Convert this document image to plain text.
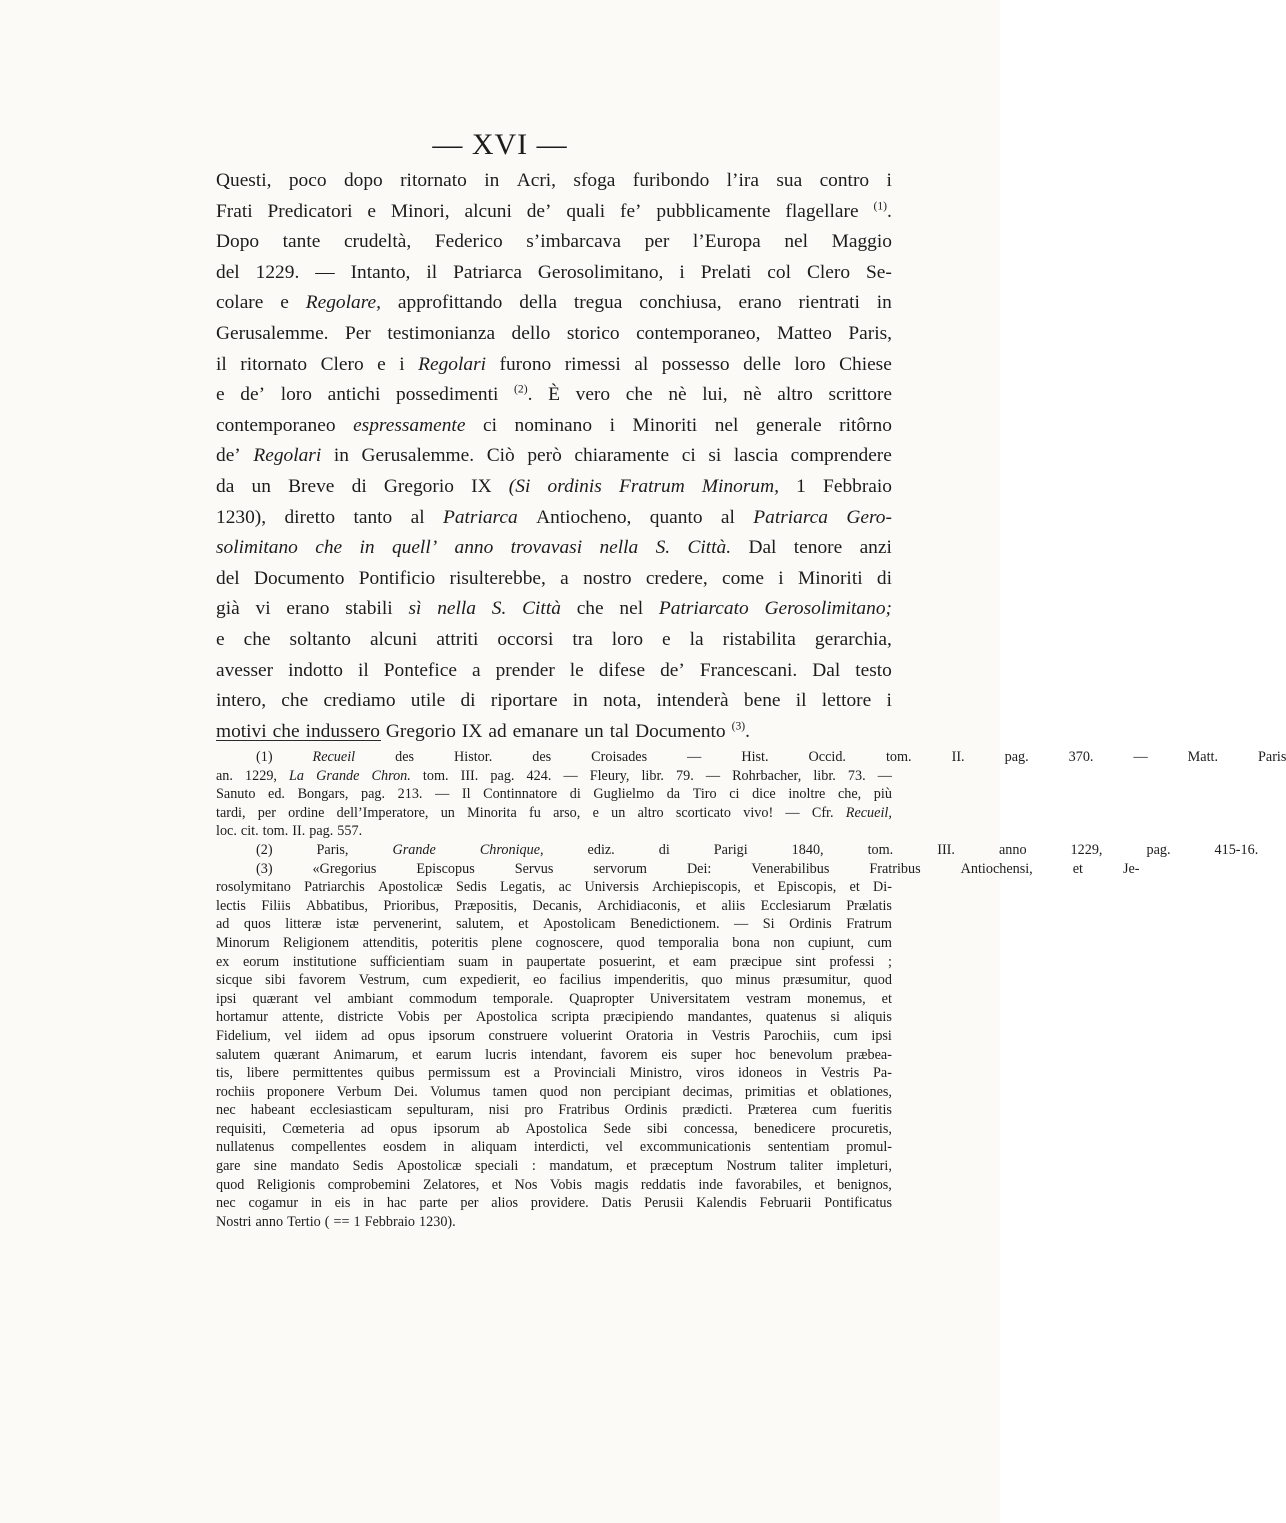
— XVI —
Questi, poco dopo ritornato in Acri, sfoga furibondo l’ira sua contro i
Frati Predicatori e Minori, alcuni de’ quali fe’ pubblicamente flagellare $^{(1)}$.
Dopo tante crudeltà, Federico s’imbarcava per l’Europa nel Maggio
del 1229. — Intanto, il Patriarca Gerosolimitano, i Prelati col Clero Se-
colare e Regolare, approfittando della tregua conchiusa, erano rientrati in
Gerusalemme. Per testimonianza dello storico contemporaneo, Matteo Paris,
il ritornato Clero e i Regolari furono rimessi al possesso delle loro Chiese
e de’ loro antichi possedimenti $^{(2)}$. È vero che nè lui, nè altro scrittore
contemporaneo espressamente ci nominano i Minoriti nel generale ritôrno
de’ Regolari in Gerusalemme. Ciò però chiaramente ci si lascia comprendere
da un Breve di Gregorio IX (Si ordinis Fratrum Minorum, 1 Febbraio
1230), diretto tanto al Patriarca Antiocheno, quanto al Patriarca Gero-
solimitano che in quell’ anno trovavasi nella S. Città. Dal tenore anzi
del Documento Pontificio risulterebbe, a nostro credere, come i Minoriti di
già vi erano stabili sì nella S. Città che nel Patriarcato Gerosolimitano;
e che soltanto alcuni attriti occorsi tra loro e la ristabilita gerarchia,
avesser indotto il Pontefice a prender le difese de’ Francescani. Dal testo
intero, che crediamo utile di riportare in nota, intenderà bene il lettore i
motivi che indussero Gregorio IX ad emanare un tal Documento $^{(3)}$.
(1)	Recueil	des	Histor.	des	Croisades	—	Hist.	Occid.	tom.	II.	pag.	370.	—	Matt.	Paris
an. 1229, La Grande Chron. tom. III. pag. 424. — Fleury, libr. 79. — Rohrbacher, libr. 73. —
Sanuto ed. Bongars, pag. 213. — Il Continnatore di Guglielmo da Tiro ci dice inoltre che, più
tardi, per ordine dell’Imperatore, un Minorita fu arso, e un altro scorticato vivo! — Cfr. Recueil,
loc. cit. tom. II. pag. 557.
(2)	Paris,	Grande	Chronique,	ediz.	di	Parigi	1840,	tom.	III.	anno	1229,	pag.	415-16.
(3)	«Gregorius	Episcopus	Servus	servorum	Dei:	Venerabilibus	Fratribus	Antiochensi,	et	Je-
rosolymitano Patriarchis Apostolicæ Sedis Legatis, ac Universis Archiepiscopis, et Episcopis, et Di-
lectis Filiis Abbatibus, Prioribus, Præpositis, Decanis, Archidiaconis, et aliis Ecclesiarum Prælatis
ad quos litteræ istæ pervenerint, salutem, et Apostolicam Benedictionem. — Si Ordinis Fratrum
Minorum Religionem attenditis, poteritis plene cognoscere, quod temporalia bona non cupiunt, cum
ex eorum institutione sufficientiam suam in paupertate posuerint, et eam præcipue sint professi ;
sicque sibi favorem Vestrum, cum expedierit, eo facilius impenderitis, quo minus præsumitur, quod
ipsi quærant vel ambiant commodum temporale. Quapropter Universitatem vestram monemus, et
hortamur attente, districte Vobis per Apostolica scripta præcipiendo mandantes, quatenus si aliquis
Fidelium, vel iidem ad opus ipsorum construere voluerint Oratoria in Vestris Parochiis, cum ipsi
salutem quærant Animarum, et earum lucris intendant, favorem eis super hoc benevolum præbea-
tis, libere permittentes quibus permissum est a Provinciali Ministro, viros idoneos in Vestris Pa-
rochiis proponere Verbum Dei. Volumus tamen quod non percipiant decimas, primitias et oblationes,
nec habeant ecclesiasticam sepulturam, nisi pro Fratribus Ordinis prædicti. Præterea cum fueritis
requisiti, Cœmeteria ad opus ipsorum ab Apostolica Sede sibi concessa, benedicere procuretis,
nullatenus compellentes eosdem in aliquam interdicti, vel excommunicationis sententiam promul-
gare sine mandato Sedis Apostolicæ speciali : mandatum, et præceptum Nostrum taliter impleturi,
quod Religionis comprobemini Zelatores, et Nos Vobis magis reddatis inde favorabiles, et benignos,
nec cogamur in eis in hac parte per alios providere. Datis Perusii Kalendis Februarii Pontificatus
Nostri anno Tertio ( == 1 Febbraio 1230).
